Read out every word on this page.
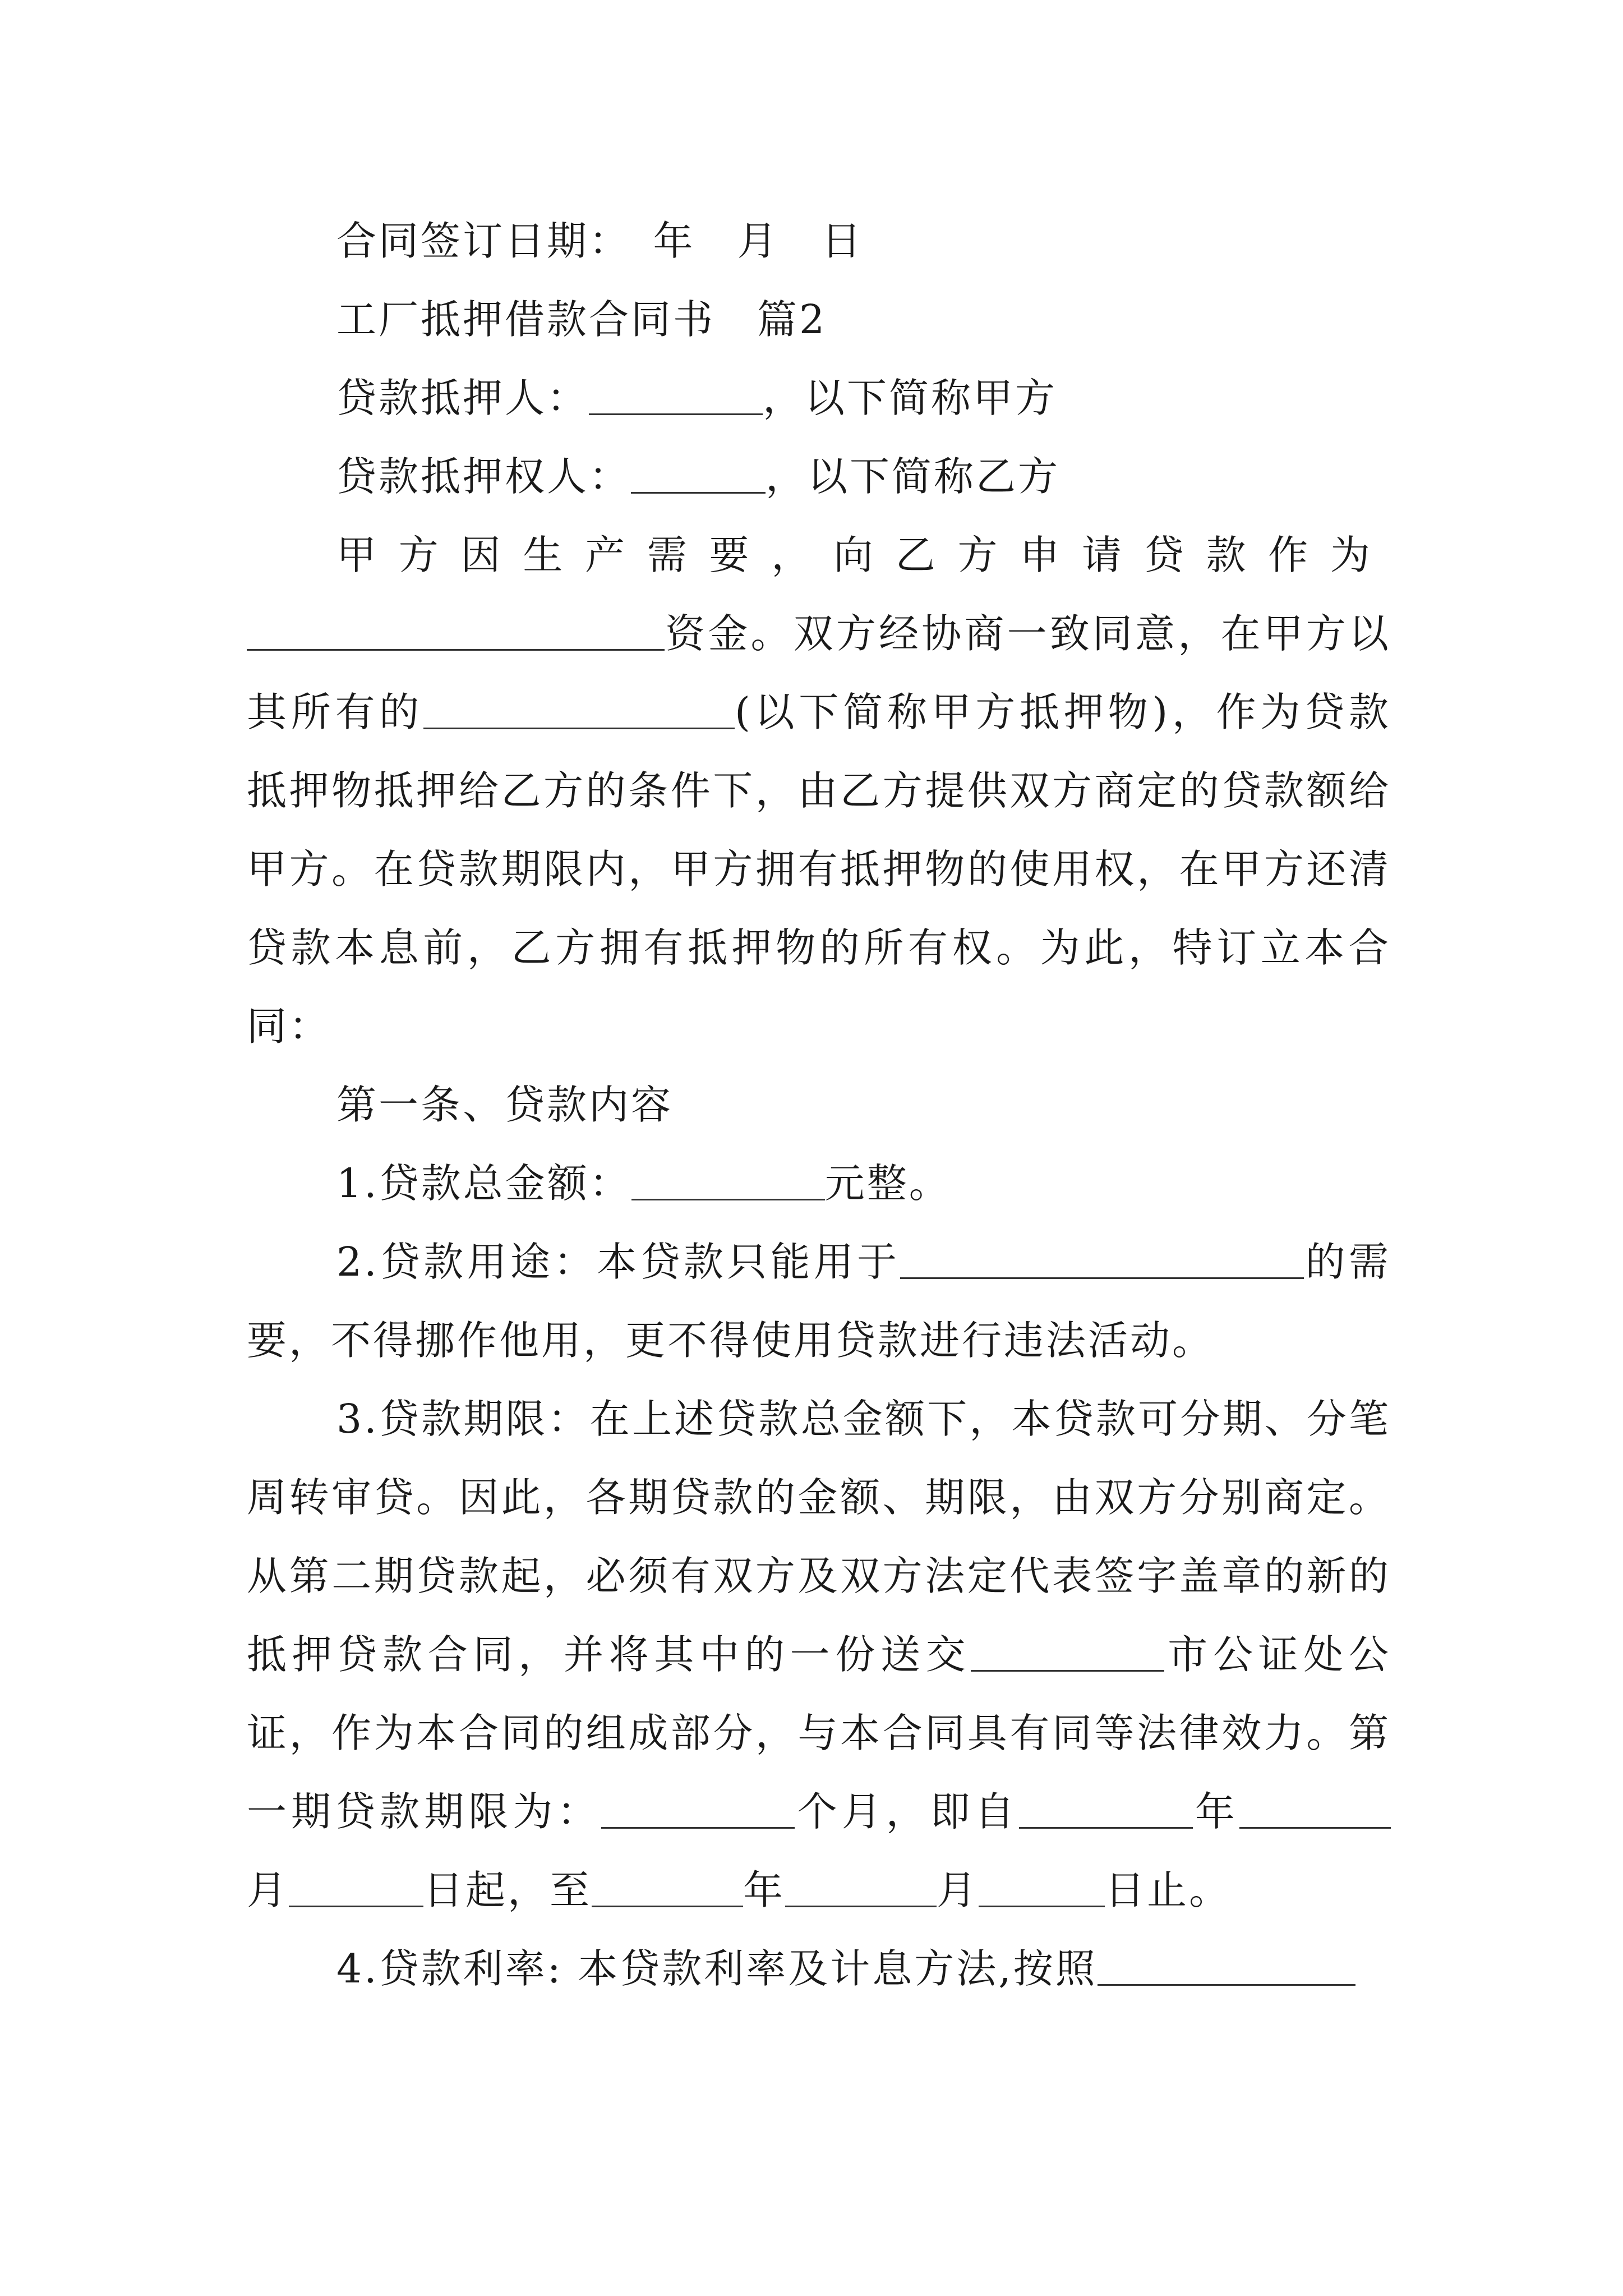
合同签订日期：　年　月　日

工厂抵押借款合同书　篇2

贷款抵押人：	，以下简称甲方

贷款抵押权人：	，以下简称乙方

甲方因生产需要，向乙方申请贷款作为

资金。双方经协商一致同意，在甲方以其所有的	(以下简称甲方抵押物)，作为贷款抵押物抵押给乙方的条件下，由乙方提供双方商定的贷款额给甲方。在贷款期限内，甲方拥有抵押物的使用权，在甲方还清贷款本息前，乙方拥有抵押物的所有权。为此，特订立本合同：

第一条、贷款内容

1.贷款总金额：	元整。

2.贷款用途：本贷款只能用于	的需要，不得挪作他用，更不得使用贷款进行违法活动。

3.贷款期限：在上述贷款总金额下，本贷款可分期、分笔周转审贷。因此，各期贷款的金额、期限，由双方分别商定。从第二期贷款起，必须有双方及双方法定代表签字盖章的新的抵押贷款合同，并将其中的一份送交	市公证处公证，作为本合同的组成部分，与本合同具有同等法律效力。第一期贷款期限为：	个月，即自	年月	日起，至	年	月	日止。

4.贷款利率: 本贷款利率及计息方法,按照
